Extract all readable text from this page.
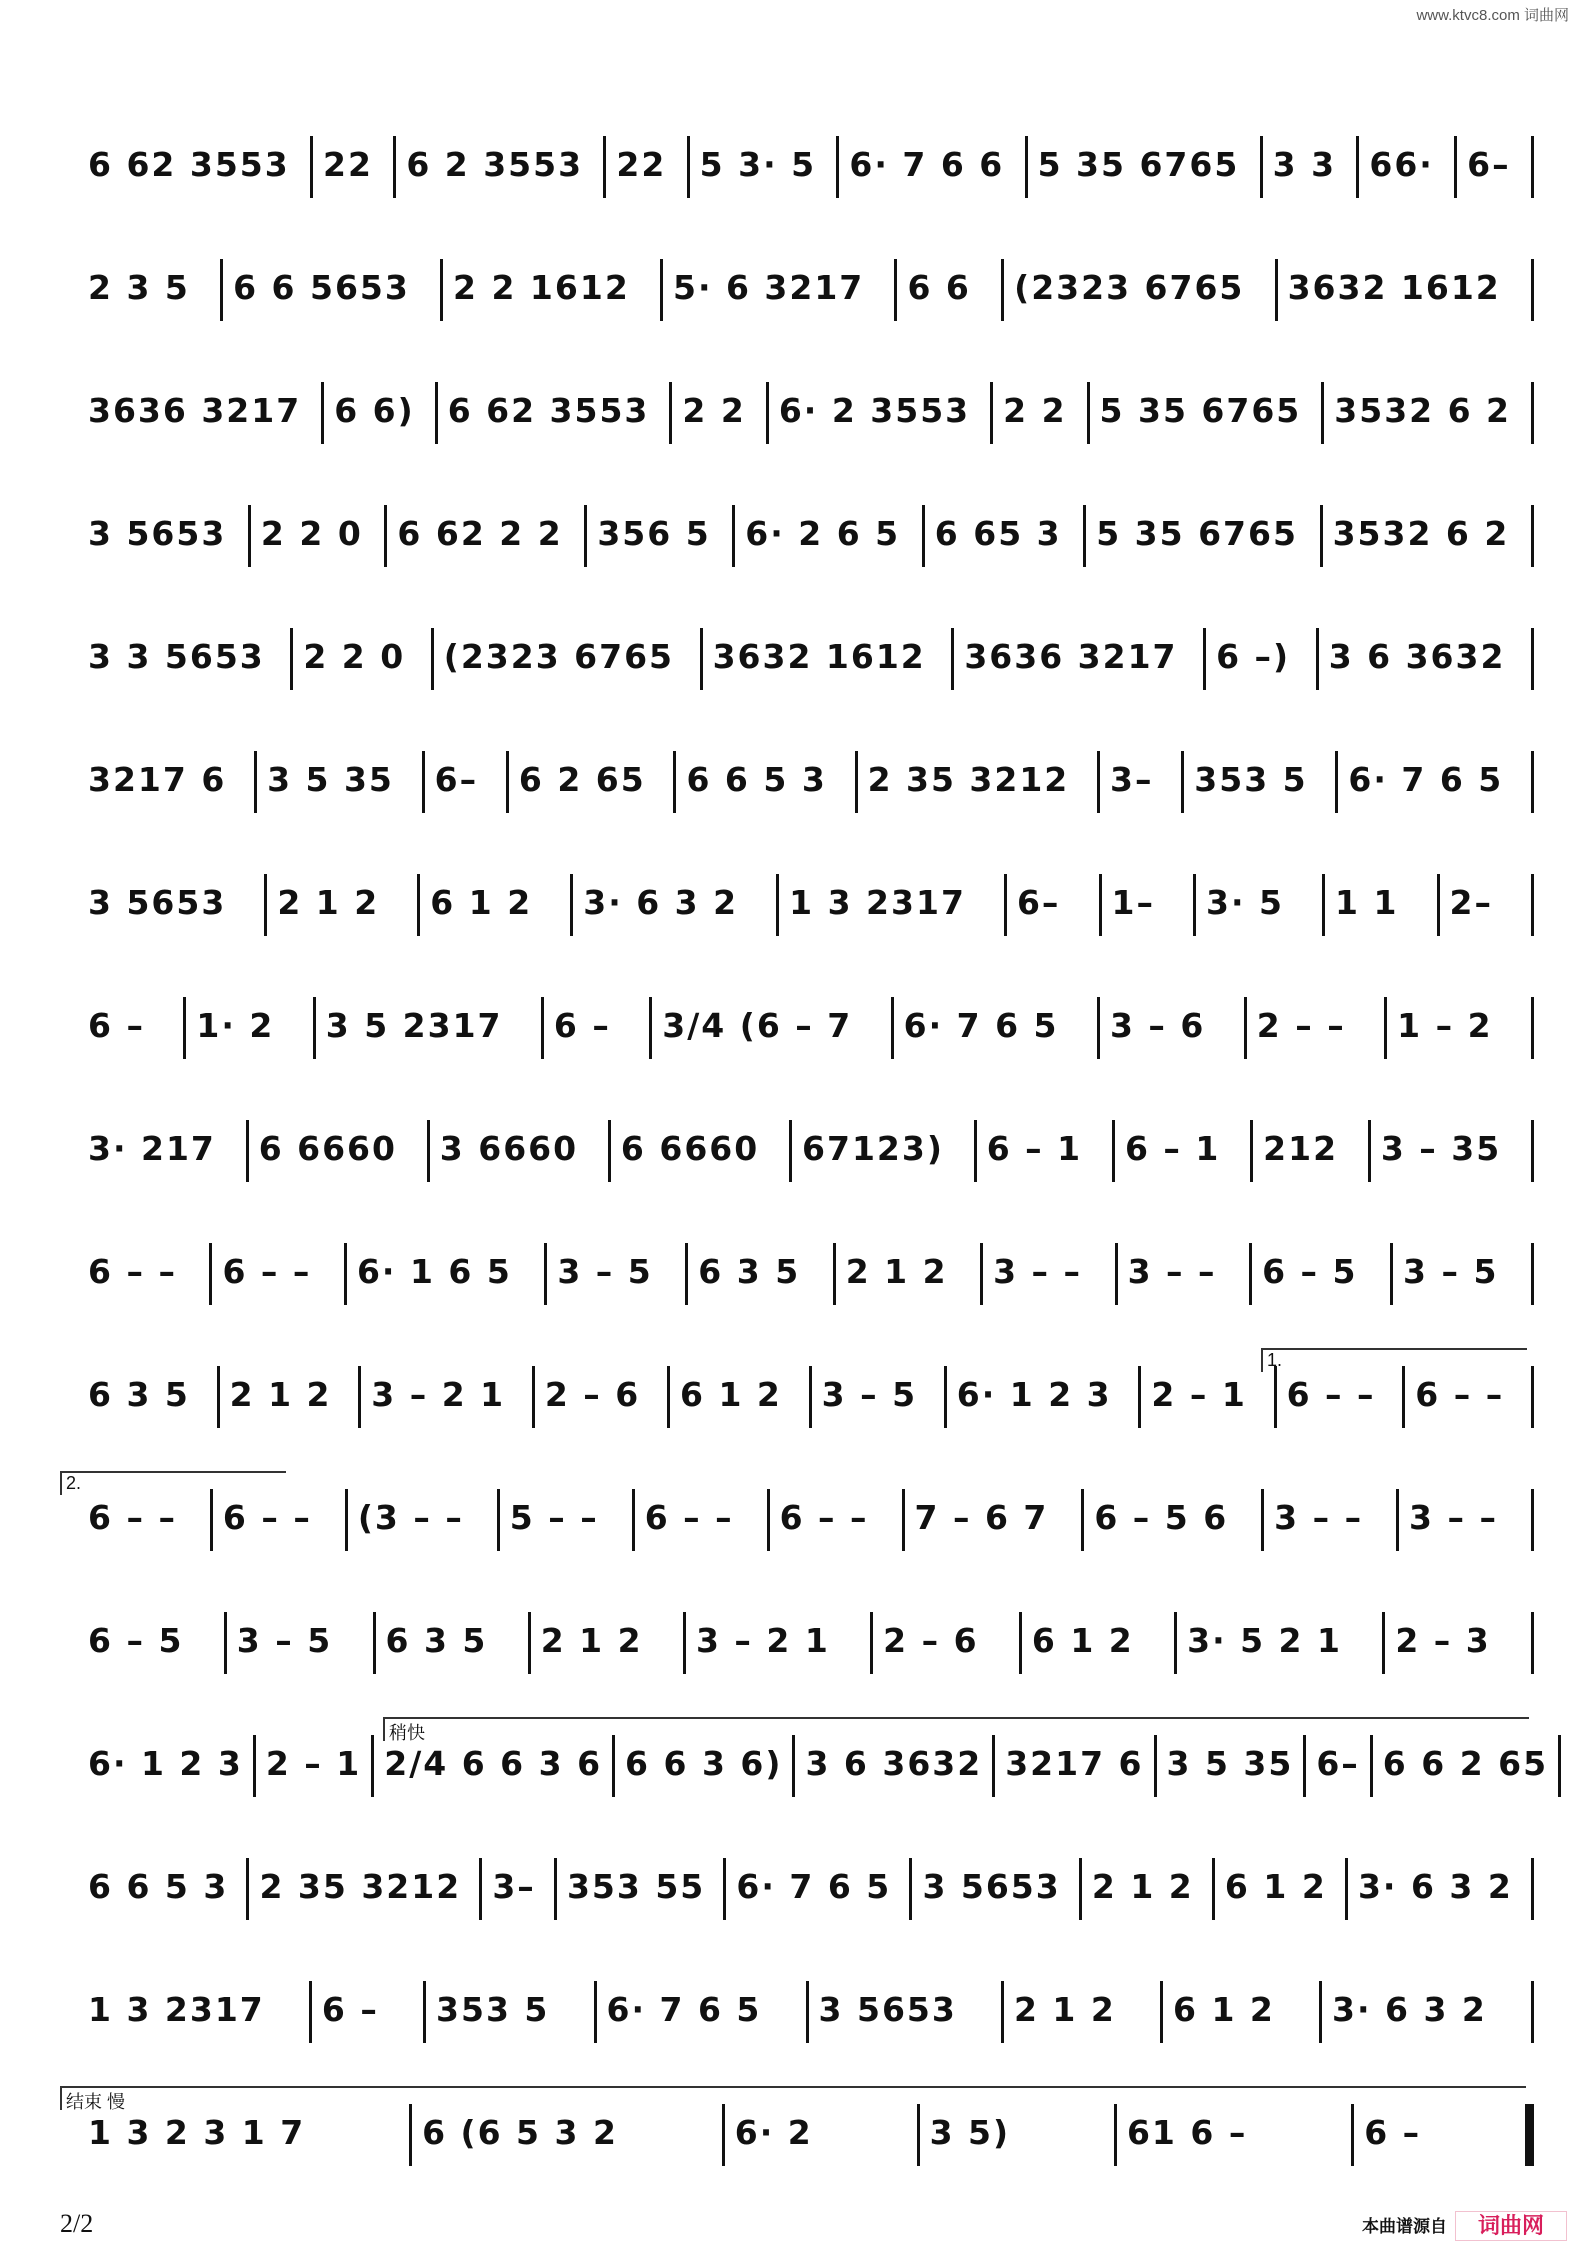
www.ktvc8.com 词曲网
6 62 3553 22 6 2 3553 22 5 3· 5 6· 7 6 6 5 35 6765 3 3 66· 6–
2 3 5 6 6 5653 2 2 1612 5· 6 3217 6 6 (2323 6765 3632 1612
3636 3217 6 6) 6 62 3553 2 2 6· 2 3553 2 2 5 35 6765 3532 6 2
3 5653 2 2 0 6 62 2 2 356 5 6· 2 6 5 6 65 3 5 35 6765 3532 6 2
3 3 5653 2 2 0 (2323 6765 3632 1612 3636 3217 6 –) 3 6 3632
3217 6 3 5 35 6– 6 2 65 6 6 5 3 2 35 3212 3– 353 5 6· 7 6 5
3 5653 2 1 2 6 1 2 3· 6 3 2 1 3 2317 6– 1– 3· 5 1 1 2–
6 – 1· 2 3 5 2317 6 – 3/4 (6 – 7 6· 7 6 5 3 – 6 2 – – 1 – 2
3· 217 6 6660 3 6660 6 6660 67123) 6 – 1 6 – 1 212 3 – 35
6 – – 6 – – 6· 1 6 5 3 – 5 6 3 5 2 1 2 3 – – 3 – – 6 – 5 3 – 5
6 3 5 2 1 2 3 – 2 1 2 – 6 6 1 2 3 – 5 6· 1 2 3 2 – 1 6 – – 6 – –
1.
6 – – 6 – – (3 – – 5 – – 6 – – 6 – – 7 – 6 7 6 – 5 6 3 – – 3 – –
2.
6 – 5 3 – 5 6 3 5 2 1 2 3 – 2 1 2 – 6 6 1 2 3· 5 2 1 2 – 3
6· 1 2 3 2 – 1 2/4 6 6 3 6 6 6 3 6) 3 6 3632 3217 6 3 5 35 6– 6 6 2 65
稍快
6 6 5 3 2 35 3212 3– 353 55 6· 7 6 5 3 5653 2 1 2 6 1 2 3· 6 3 2
1 3 2317 6 – 353 5 6· 7 6 5 3 5653 2 1 2 6 1 2 3· 6 3 2
1 3 2 3 1 7	6 (6 5 3 2	6· 2	3 5)	61 6 –	6 –
结束 慢
2/2	本曲谱源自	词曲网
